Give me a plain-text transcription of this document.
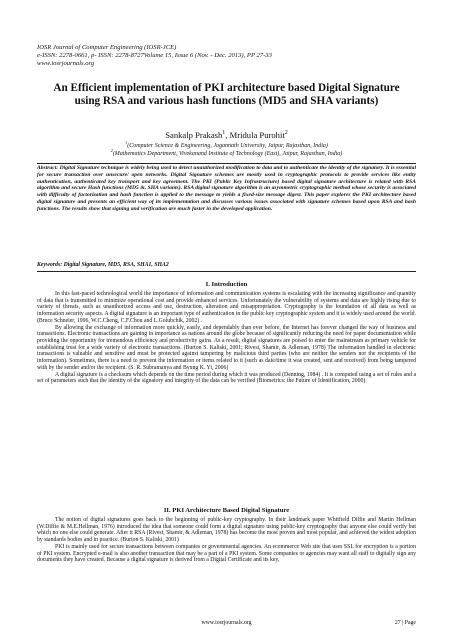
IOSR Journal of Computer Engineering (IOSR-JCE)
e-ISSN: 2278-0661, p- ISSN: 2278-8727Volume 15, Issue 6 (Nov. - Dec. 2013), PP 27-33
www.iosrjournals.org
An Efficient implementation of PKI architecture based Digital Signature using RSA and various hash functions (MD5 and SHA variants)
Sankalp Prakash$^1$, Mridula Purohit$^2$
$^1$(Computer Science & Engineering, Jagannath University, Jaipur, Rajasthan, India)
$^2$(Mathematics Department, Vivekanand Institute of Technology (East), Jaipur, Rajasthan, India)
Abstract: Digital Signature technique is widely being used to detect unauthorized modification to data and to authenticate the identity of the signatory. It is essential for secure transaction over unsecure/ open networks. Digital Signature schemes are mostly used in cryptographic protocols to provide services like entity authentication, authenticated key transport and key agreement. The PKI (Public Key Infrastructure) based digital signature architecture is related with RSA algorithm and secure Hash functions (MD5 &, SHA variants). RSA digital signature algorithm is an asymmetric cryptographic method whose security is associated with difficulty of factorization and hash function is applied to the message to yields a fixed-size message digest. This paper explores the PKI architecture based digital signature and presents an efficient way of its implementation and discusses various issues associated with signature schemes based upon RSA and hash functions. The results show that signing and verification are much faster in the developed application.
Keywords: Digital Signature, MD5, RSA, SHA1, SHA2
I. Introduction

In this fast-paced technological world the importance of information and communication systems is escalating with the increasing significance and quantity of data that is transmitted to minimize operational cost and provide enhanced services. Unfortunately the vulnerability of systems and data are highly rising due to variety of threats, such as unauthorized access and use, destruction, alteration and misappropriation. Cryptography is the foundation of all data as well as information security aspects. A digital signature is an important type of authentication in the public key cryptographic system and it is widely used around the world. (Bruce Schneier, 1996, W.C.Cheng, C.F.Chou and L.Golubchik, 2002) .

By allowing the exchange of information more quickly, easily, and dependably than ever before, the Internet has forever changed the way of business and transactions. Electronic transactions are gaining in importance as nations around the globe because of significantly reducing the need for paper documentation while providing the opportunity for tremendous efficiency and productivity gains. As a result, digital signatures are poised to enter the mainstream as primary vehicle for establishing trust for a wide variety of electronic transactions. (Burton S. Kaliski, 2001; Rivest, Shamir, & Adleman, 1978) The information handled in electronic transactions is valuable and sensitive and must be protected against tampering by malicious third parties (who are neither the senders nor the recipients of the information). Sometimes, there is a need to prevent the information or items related to it (such as date/time it was created, sent and received) from being tampered with by the sender and/or the recipient. (S. R. Subramanya and Byung K. Yi, 2006)

A digital signature is a checksum which depends on the time period during which it was produced (Denning, 1984) . It is computed using a set of rules and a set of parameters such that the identity of the signatory and integrity of the data can be verified (Biometrics: the Future of Identification, 2000).

II. PKI Architecture Based Digital Signature

The notion of digital signatures goes back to the beginning of public-key cryptography. In their landmark paper Whitfield Diffie and Martin Hellman (W.Diffie & M.E.Hellman, 1976) introduced the idea that someone could form a digital signature using public-key cryptography that anyone else could verify but which no one else could generate. After it RSA (Rivest, Shamir, & Adleman, 1978) has become the most proven and most popular, and achieved the widest adoption by standards bodies and in practice. (Burton S. Kaliski, 2001)

PKI is mainly used for secure transactions between companies or governmental agencies. An ecommerce Web site that uses SSL for encryption is a portion of PKI system. Encrypted e-mail is also another transaction that may be a part of a PKI system. Some companies or agencies may want all staff to digitally sign any documents they have created. Because a digital signature is derived from a Digital Certificate and its key,

www.iosrjournals.org	27 | Page
